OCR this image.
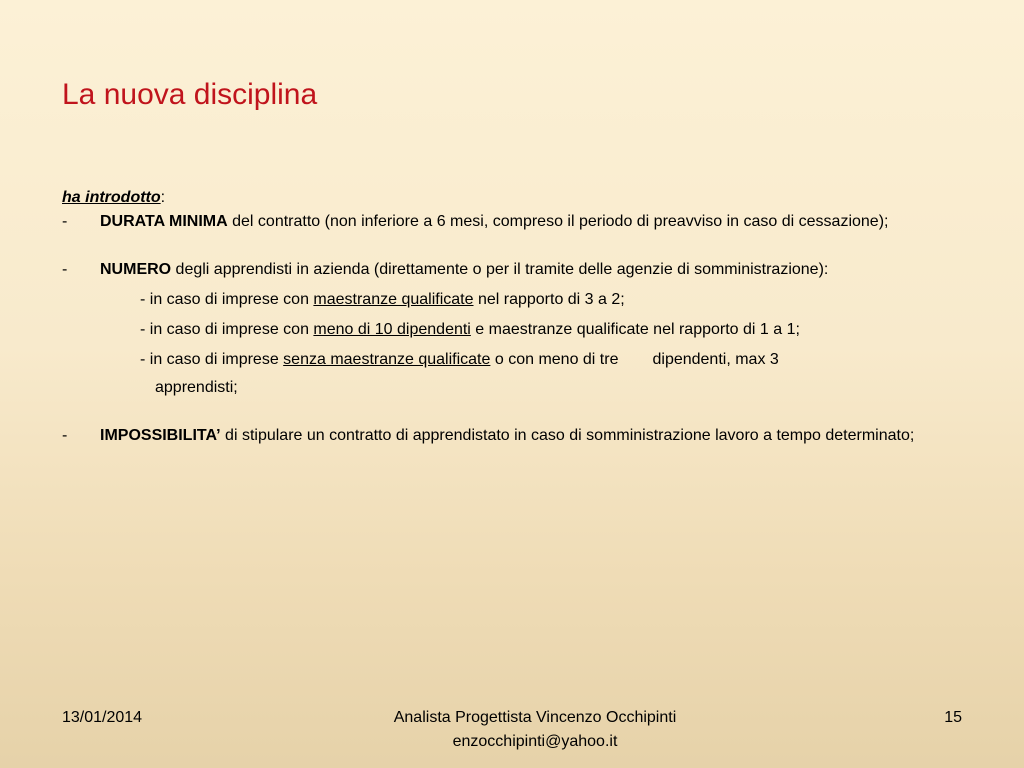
La nuova disciplina
ha introdotto:
- DURATA MINIMA del contratto (non inferiore a 6 mesi, compreso il periodo di preavviso in caso di cessazione);
- NUMERO degli apprendisti in azienda (direttamente o per il tramite delle agenzie di somministrazione):
- in caso di imprese con maestranze qualificate nel rapporto di 3 a 2;
- in caso di imprese con meno di 10 dipendenti e maestranze qualificate nel rapporto di 1 a 1;
- in caso di imprese senza maestranze qualificate o con meno di tre dipendenti, max 3
apprendisti;
- IMPOSSIBILITA’ di stipulare un contratto di apprendistato in caso di somministrazione lavoro a tempo determinato;
13/01/2014	Analista Progettista Vincenzo Occhipinti
enzocchipinti@yahoo.it
15
